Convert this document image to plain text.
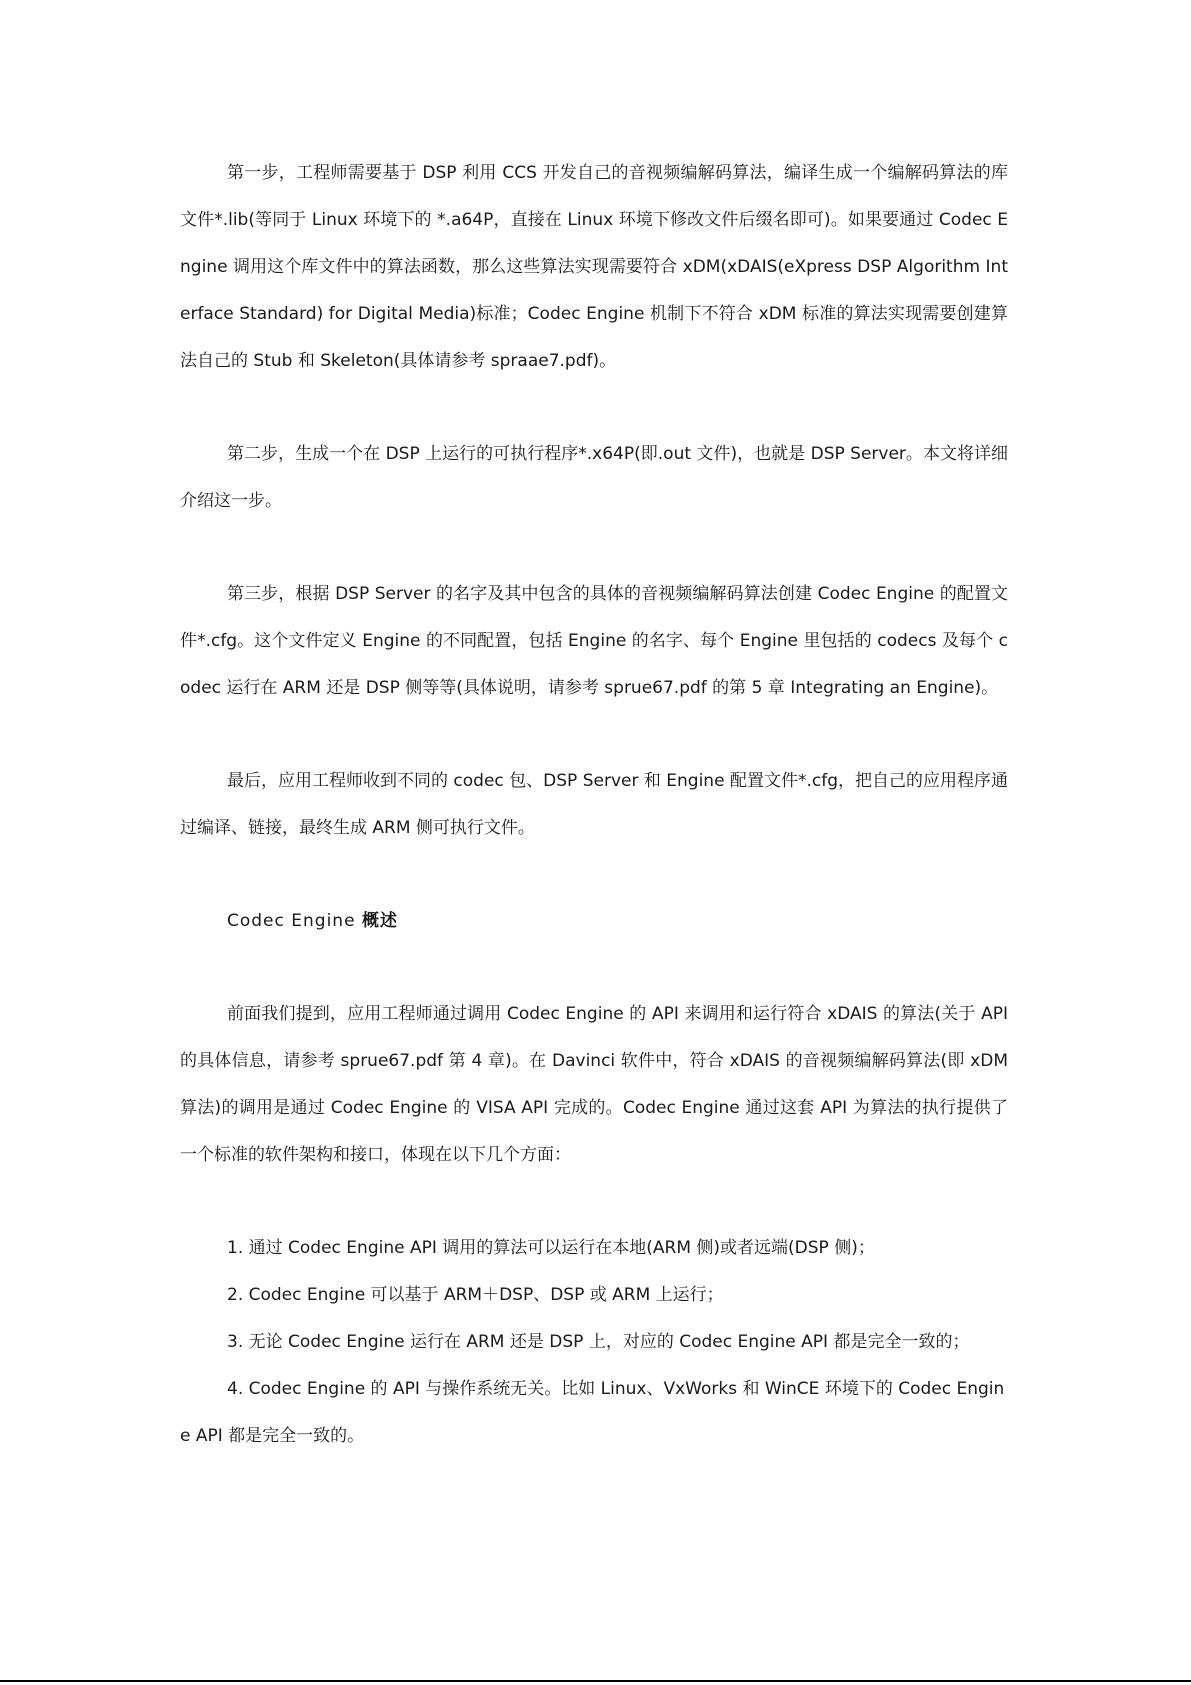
第一步，工程师需要基于 DSP 利用 CCS 开发自己的音视频编解码算法，编译生成一个编解码算法的库文件*.lib(等同于 Linux 环境下的 *.a64P，直接在 Linux 环境下修改文件后缀名即可)。如果要通过 Codec Engine 调用这个库文件中的算法函数，那么这些算法实现需要符合 xDM(xDAIS(eXpress DSP Algorithm Interface Standard) for Digital Media)标准；Codec Engine 机制下不符合 xDM 标准的算法实现需要创建算法自己的 Stub 和 Skeleton(具体请参考 spraae7.pdf)。

第二步，生成一个在 DSP 上运行的可执行程序*.x64P(即.out 文件)，也就是 DSP Server。本文将详细介绍这一步。

第三步，根据 DSP Server 的名字及其中包含的具体的音视频编解码算法创建 Codec Engine 的配置文件*.cfg。这个文件定义 Engine 的不同配置，包括 Engine 的名字、每个 Engine 里包括的 codecs 及每个 codec 运行在 ARM 还是 DSP 侧等等(具体说明，请参考 sprue67.pdf 的第 5 章 Integrating an Engine)。

最后，应用工程师收到不同的 codec 包、DSP Server 和 Engine 配置文件*.cfg，把自己的应用程序通过编译、链接，最终生成 ARM 侧可执行文件。

Codec Engine 概述

前面我们提到，应用工程师通过调用 Codec Engine 的 API 来调用和运行符合 xDAIS 的算法(关于 API 的具体信息，请参考 sprue67.pdf 第 4 章)。在 Davinci 软件中，符合 xDAIS 的音视频编解码算法(即 xDM 算法)的调用是通过 Codec Engine 的 VISA API 完成的。Codec Engine 通过这套 API 为算法的执行提供了一个标准的软件架构和接口，体现在以下几个方面：

1. 通过 Codec Engine API 调用的算法可以运行在本地(ARM 侧)或者远端(DSP 侧)；

2. Codec Engine 可以基于 ARM＋DSP、DSP 或 ARM 上运行；

3. 无论 Codec Engine 运行在 ARM 还是 DSP 上，对应的 Codec Engine API 都是完全一致的；

4. Codec Engine 的 API 与操作系统无关。比如 Linux、VxWorks 和 WinCE 环境下的 Codec Engine API 都是完全一致的。
